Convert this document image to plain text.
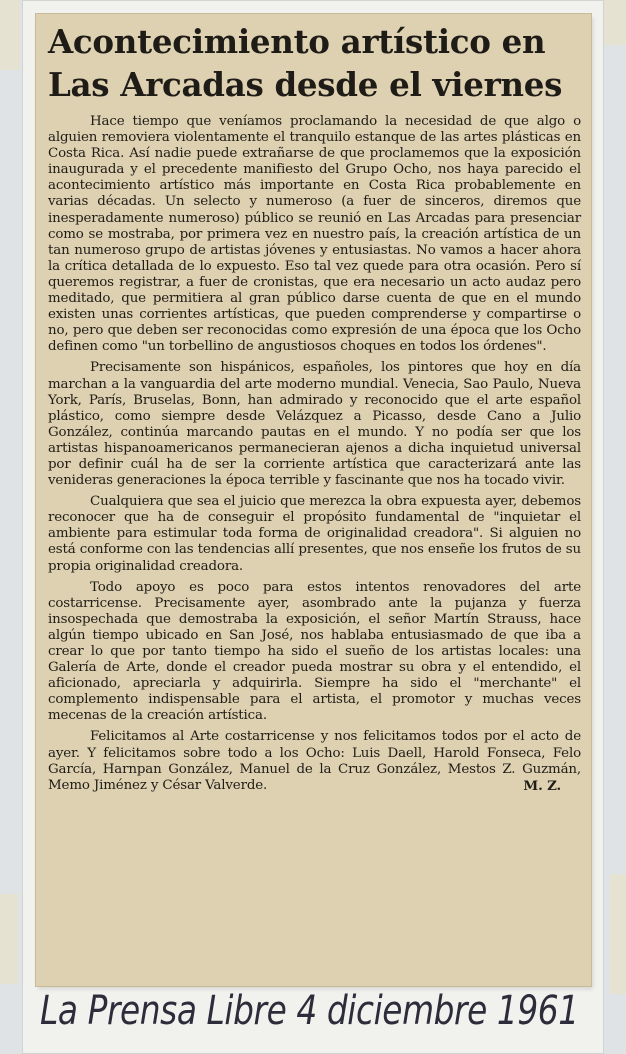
Acontecimiento artístico en
Las Arcadas desde el viernes

Hace tiempo que veníamos proclamando la necesidad de que algo o alguien removiera violentamente el tranquilo estanque de las artes plásticas en Costa Rica. Así nadie puede extrañarse de que proclamemos que la exposición inaugurada y el precedente manifiesto del Grupo Ocho, nos haya parecido el acontecimiento artístico más importante en Costa Rica probablemente en varias décadas. Un selecto y numeroso (a fuer de sinceros, diremos que inesperadamente numeroso) público se reunió en Las Arcadas para presenciar como se mostraba, por primera vez en nuestro país, la creación artística de un tan numeroso grupo de artistas jóvenes y entusiastas. No vamos a hacer ahora la crítica detallada de lo expuesto. Eso tal vez quede para otra ocasión. Pero sí queremos registrar, a fuer de cronistas, que era necesario un acto audaz pero meditado, que permitiera al gran público darse cuenta de que en el mundo existen unas corrientes artísticas, que pueden comprenderse y compartirse o no, pero que deben ser reconocidas como expresión de una época que los Ocho definen como "un torbellino de angustiosos choques en todos los órdenes".

Precisamente son hispánicos, españoles, los pintores que hoy en día marchan a la vanguardia del arte moderno mundial. Venecia, Sao Paulo, Nueva York, París, Bruselas, Bonn, han admirado y reconocido que el arte español plástico, como siempre desde Velázquez a Picasso, desde Cano a Julio González, continúa marcando pautas en el mundo. Y no podía ser que los artistas hispanoamericanos permanecieran ajenos a dicha inquietud universal por definir cuál ha de ser la corriente artística que caracterizará ante las venideras generaciones la época terrible y fascinante que nos ha tocado vivir.

Cualquiera que sea el juicio que merezca la obra expuesta ayer, debemos reconocer que ha de conseguir el propósito fundamental de "inquietar el ambiente para estimular toda forma de originalidad creadora". Si alguien no está conforme con las tendencias allí presentes, que nos enseñe los frutos de su propia originalidad creadora.

Todo apoyo es poco para estos intentos renovadores del arte costarricense. Precisamente ayer, asombrado ante la pujanza y fuerza insospechada que demostraba la exposición, el señor Martín Strauss, hace algún tiempo ubicado en San José, nos hablaba entusiasmado de que iba a crear lo que por tanto tiempo ha sido el sueño de los artistas locales: una Galería de Arte, donde el creador pueda mostrar su obra y el entendido, el aficionado, apreciarla y adquirirla. Siempre ha sido el "merchante" el complemento indispensable para el artista, el promotor y muchas veces mecenas de la creación artística.

Felicitamos al Arte costarricense y nos felicitamos todos por el acto de ayer. Y felicitamos sobre todo a los Ocho: Luis Daell, Harold Fonseca, Felo García, Harnpan González, Manuel de la Cruz González, Mestos Z. Guzmán, Memo Jiménez y César Valverde.	M. Z.
La Prensa Libre 4 diciembre 1961
